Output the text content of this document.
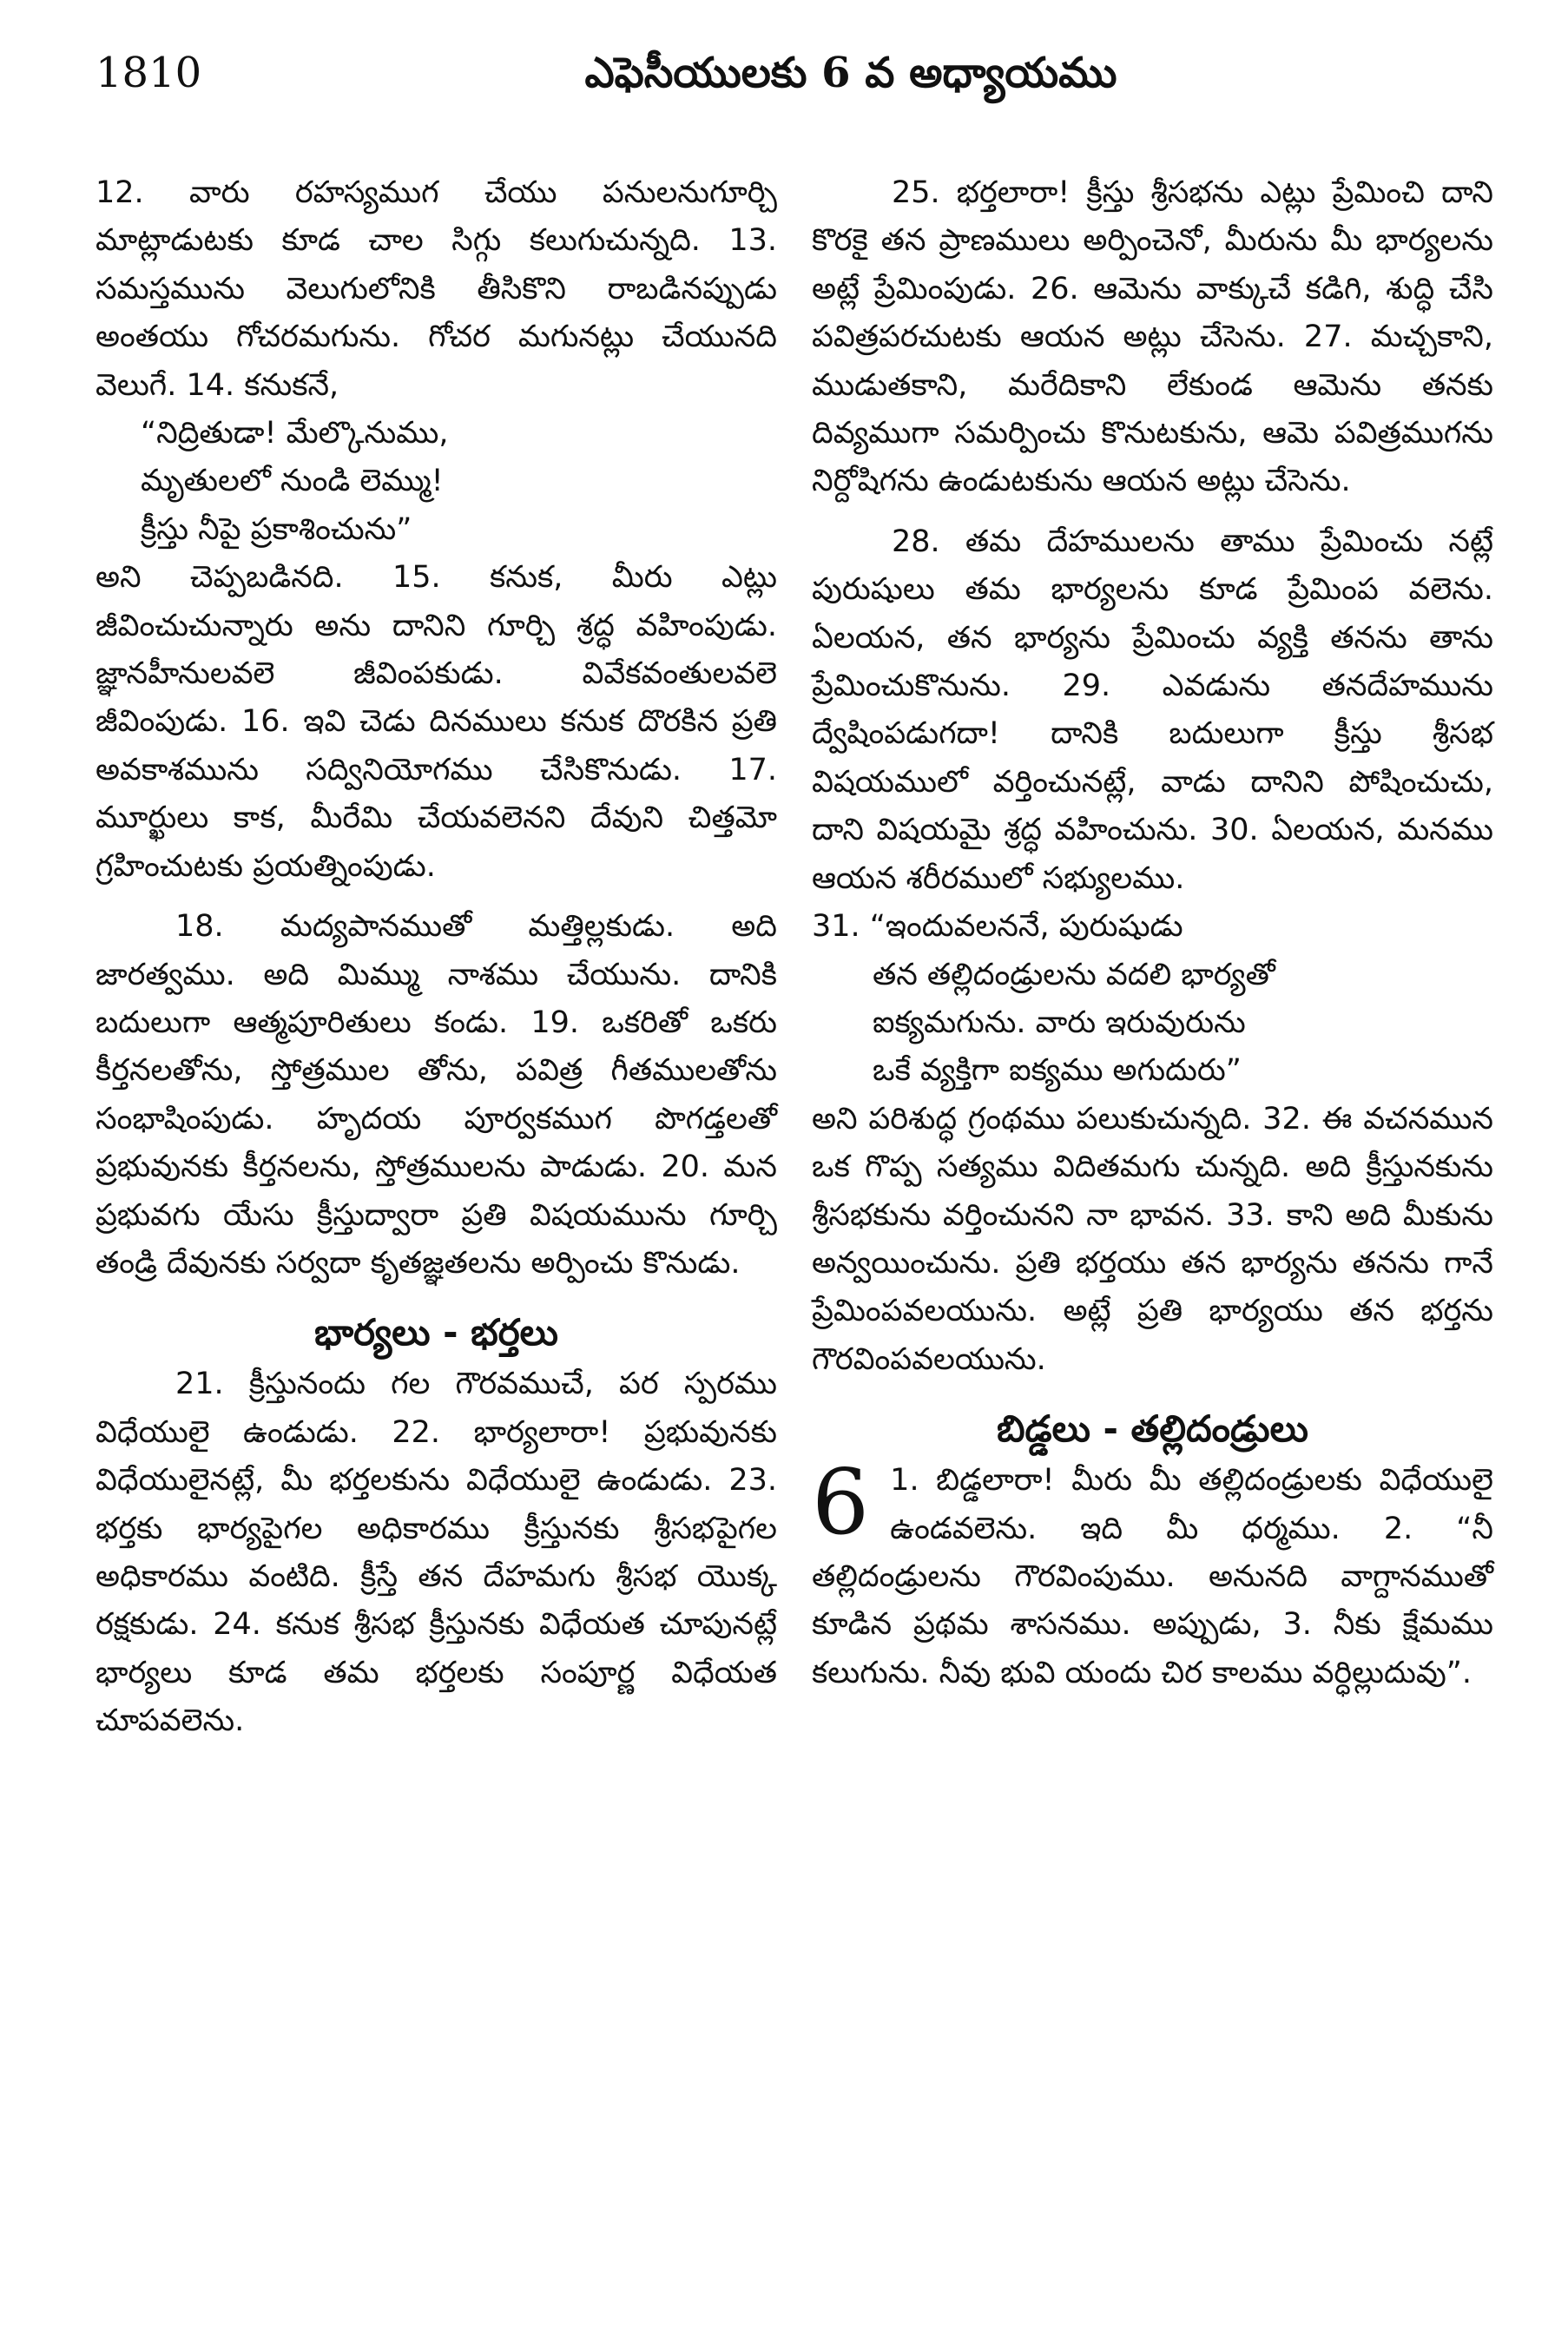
1810	ఎఫెసీయులకు 6 వ అధ్యాయము

12. వారు రహస్యముగ చేయు పనులనుగూర్చి మాట్లాడుటకు కూడ చాల సిగ్గు కలుగుచున్నది. 13. సమస్తమును వెలుగులోనికి తీసికొని రాబడినప్పుడు అంతయు గోచరమగును. గోచర మగునట్లు చేయునది వెలుగే. 14. కనుకనే,

“నిద్రితుడా! మేల్కొనుము,
మృతులలో నుండి లెమ్ము!
క్రీస్తు నీపై ప్రకాశించును”

అని చెప్పబడినది. 15. కనుక, మీరు ఎట్లు జీవించుచున్నారు అను దానిని గూర్చి శ్రద్ధ వహింపుడు. జ్ఞానహీనులవలె జీవింపకుడు. వివేకవంతులవలె జీవింపుడు. 16. ఇవి చెడు దినములు కనుక దొరకిన ప్రతి అవకాశమును సద్వినియోగము చేసికొనుడు. 17. మూర్ఖులు కాక, మీరేమి చేయవలెనని దేవుని చిత్తమో గ్రహించుటకు ప్రయత్నింపుడు.

18. మద్యపానముతో మత్తిల్లకుడు. అది జారత్వము. అది మిమ్ము నాశము చేయును. దానికి బదులుగా ఆత్మపూరితులు కండు. 19. ఒకరితో ఒకరు కీర్తనలతోను, స్తోత్రముల తోను, పవిత్ర గీతములతోను సంభాషింపుడు. హృదయ పూర్వకముగ పొగడ్తలతో ప్రభువునకు కీర్తనలను, స్తోత్రములను పాడుడు. 20. మన ప్రభువగు యేసు క్రీస్తుద్వారా ప్రతి విషయమును గూర్చి తండ్రి దేవునకు సర్వదా కృతజ్ఞతలను అర్పించు కొనుడు.

భార్యలు - భర్తలు

21. క్రీస్తునందు గల గౌరవముచే, పర స్పరము విధేయులై ఉండుడు. 22. భార్యలారా! ప్రభువునకు విధేయులైనట్లే, మీ భర్తలకును విధేయులై ఉండుడు. 23. భర్తకు భార్యపైగల అధికారము క్రీస్తునకు శ్రీసభపైగల అధికారము వంటిది. క్రీస్తే తన దేహమగు శ్రీసభ యొక్క రక్షకుడు. 24. కనుక శ్రీసభ క్రీస్తునకు విధేయత చూపునట్లే భార్యలు కూడ తమ భర్తలకు సంపూర్ణ విధేయత చూపవలెను.

25. భర్తలారా! క్రీస్తు శ్రీసభను ఎట్లు ప్రేమించి దాని కొరకై తన ప్రాణములు అర్పించెనో, మీరును మీ భార్యలను అట్లే ప్రేమింపుడు. 26. ఆమెను వాక్కుచే కడిగి, శుద్ధి చేసి పవిత్రపరచుటకు ఆయన అట్లు చేసెను. 27. మచ్చకాని, ముడుతకాని, మరేదికాని లేకుండ ఆమెను తనకు దివ్యముగా సమర్పించు కొనుటకును, ఆమె పవిత్రముగను నిర్దోషిగను ఉండుటకును ఆయన అట్లు చేసెను.

28. తమ దేహములను తాము ప్రేమించు నట్లే పురుషులు తమ భార్యలను కూడ ప్రేమింప వలెను. ఏలయన, తన భార్యను ప్రేమించు వ్యక్తి తనను తాను ప్రేమించుకొనును. 29. ఎవడును తనదేహమును ద్వేషింపడుగదా! దానికి బదులుగా క్రీస్తు శ్రీసభ విషయములో వర్తించునట్లే, వాడు దానిని పోషించుచు, దాని విషయమై శ్రద్ధ వహించును. 30. ఏలయన, మనము ఆయన శరీరములో సభ్యులము.

31. “ఇందువలననే, పురుషుడు
తన తల్లిదండ్రులను వదలి భార్యతో
ఐక్యమగును. వారు ఇరువురును
ఒకే వ్యక్తిగా ఐక్యము అగుదురు”

అని పరిశుద్ధ గ్రంథము పలుకుచున్నది. 32. ఈ వచనమున ఒక గొప్ప సత్యము విదితమగు చున్నది. అది క్రీస్తునకును శ్రీసభకును వర్తించునని నా భావన. 33. కాని అది మీకును అన్వయించును. ప్రతి భర్తయు తన భార్యను తనను గానే ప్రేమింపవలయును. అట్లే ప్రతి భార్యయు తన భర్తను గౌరవింపవలయును.

బిడ్డలు - తల్లిదండ్రులు
6 1. బిడ్డలారా! మీరు మీ తల్లిదండ్రులకు విధేయులై ఉండవలెను. ఇది మీ ధర్మము. 2. “నీ తల్లిదండ్రులను గౌరవింపుము. అనునది వాగ్దానముతో కూడిన ప్రథమ శాసనము. అప్పుడు, 3. నీకు క్షేమము కలుగును. నీవు భువి యందు చిర కాలము వర్ధిల్లుదువు”.
